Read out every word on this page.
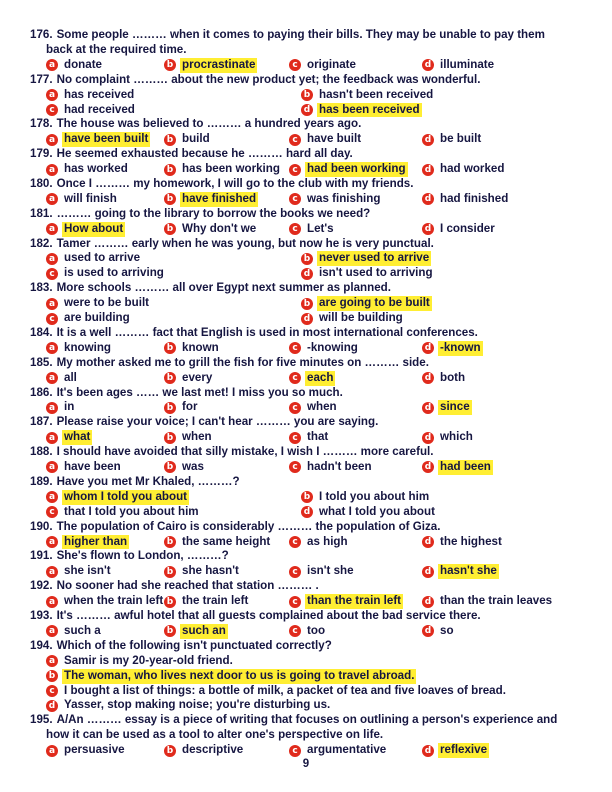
176. Some people ……… when it comes to paying their bills. They may be unable to pay them
back at the required time.
a donate	b procrastinate	c originate	d illuminate
177. No complaint ……… about the new product yet; the feedback was wonderful.
a has received	b hasn't been received
c had received	d has been received
178. The house was believed to ……… a hundred years ago.
a have been built	b build	c have built	d be built
179. He seemed exhausted because he ……… hard all day.
a has worked	b has been working	c had been working	d had worked
180. Once I ……… my homework, I will go to the club with my friends.
a will finish	b have finished	c was finishing	d had finished
181. ……… going to the library to borrow the books we need?
a How about	b Why don't we	c Let's	d I consider
182. Tamer ……… early when he was young, but now he is very punctual.
a used to arrive	b never used to arrive
c is used to arriving	d isn't used to arriving
183. More schools ……… all over Egypt next summer as planned.
a were to be built	b are going to be built
c are building	d will be building
184. It is a well ……… fact that English is used in most international conferences.
a knowing	b known	c -knowing	d -known
185. My mother asked me to grill the fish for five minutes on ……… side.
a all	b every	c each	d both
186. It's been ages …… we last met! I miss you so much.
a in	b for	c when	d since
187. Please raise your voice; I can't hear ……… you are saying.
a what	b when	c that	d which
188. I should have avoided that silly mistake, I wish I ……… more careful.
a have been	b was	c hadn't been	d had been
189. Have you met Mr Khaled, ………?
a whom I told you about	b I told you about him
c that I told you about him	d what I told you about
190. The population of Cairo is considerably ……… the population of Giza.
a higher than	b the same height	c as high	d the highest
191. She's flown to London, ………?
a she isn't	b she hasn't	c isn't she	d hasn't she
192. No sooner had she reached that station ……… .
a when the train left b the train left	c than the train left	d than the train leaves
193. It's ……… awful hotel that all guests complained about the bad service there.
a such a	b such an	c too	d so
194. Which of the following isn't punctuated correctly?
a Samir is my 20-year-old friend.
b The woman, who lives next door to us is going to travel abroad.
c I bought a list of things: a bottle of milk, a packet of tea and five loaves of bread.
d Yasser, stop making noise; you're disturbing us.
195. A/An ……… essay is a piece of writing that focuses on outlining a person's experience and
how it can be used as a tool to alter one's perspective on life.
a persuasive	b descriptive	c argumentative	d reflexive
9
